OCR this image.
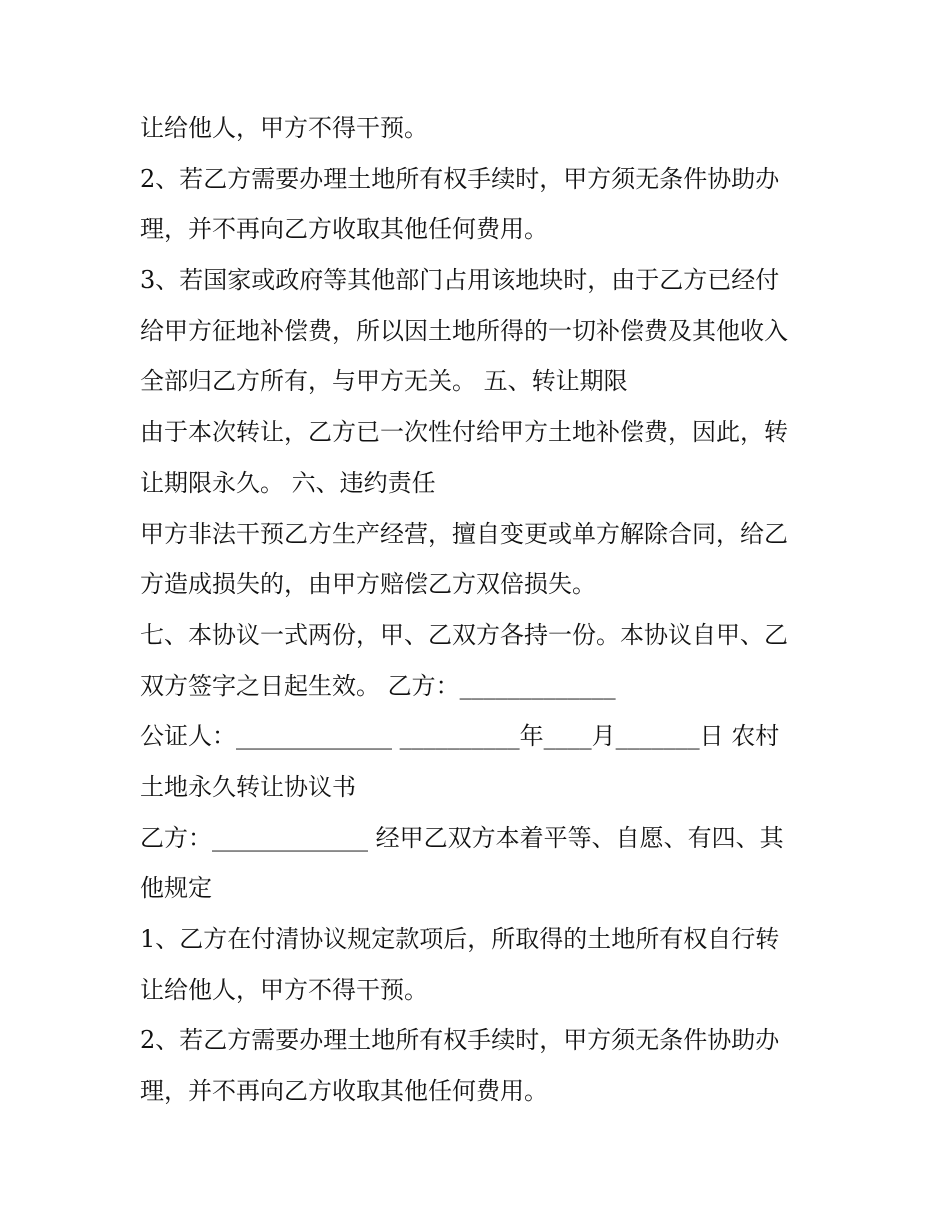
让给他人，甲方不得干预。

2、若乙方需要办理土地所有权手续时，甲方须无条件协助办

理，并不再向乙方收取其他任何费用。

3、若国家或政府等其他部门占用该地块时，由于乙方已经付

给甲方征地补偿费，所以因土地所得的一切补偿费及其他收入

全部归乙方所有，与甲方无关。 五、转让期限

由于本次转让，乙方已一次性付给甲方土地补偿费，因此，转

让期限永久。 六、违约责任

甲方非法干预乙方生产经营，擅自变更或单方解除合同，给乙

方造成损失的，由甲方赔偿乙方双倍损失。

七、本协议一式两份，甲、乙双方各持一份。本协议自甲、乙

双方签字之日起生效。 乙方：_____________

公证人：_____________ __________年____月_______日 农村

土地永久转让协议书

乙方：_____________ 经甲乙双方本着平等、自愿、有四、其

他规定

1、乙方在付清协议规定款项后，所取得的土地所有权自行转

让给他人，甲方不得干预。

2、若乙方需要办理土地所有权手续时，甲方须无条件协助办

理，并不再向乙方收取其他任何费用。
